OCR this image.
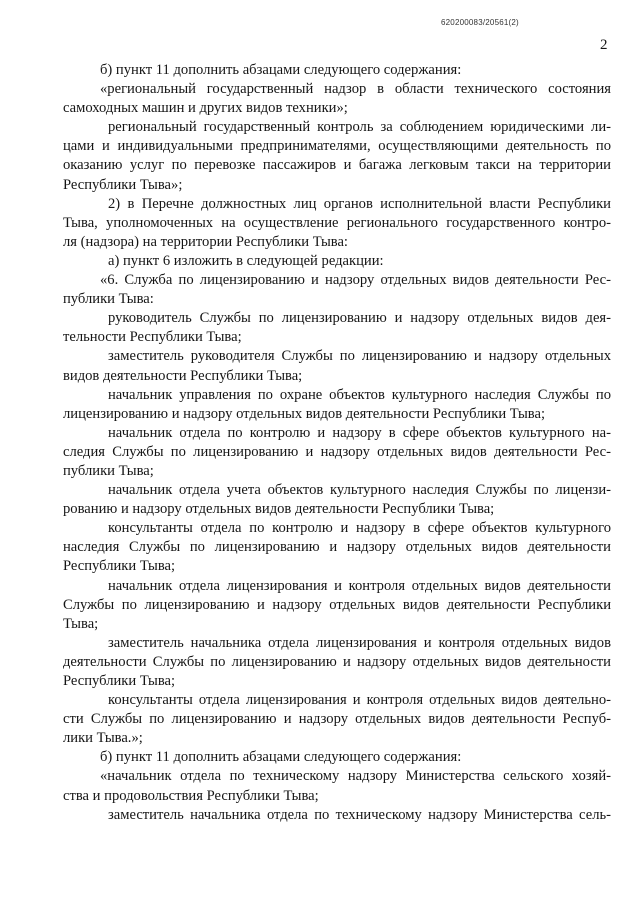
620200083/20561(2)
2
б) пункт 11 дополнить абзацами следующего содержания:
«региональный государственный надзор в области технического состояния
самоходных машин и других видов техники»;
региональный государственный контроль за соблюдением юридическими ли-
цами и индивидуальными предпринимателями, осуществляющими деятельность по
оказанию услуг по перевозке пассажиров и багажа легковым такси на территории
Республики Тыва»;
2) в Перечне должностных лиц органов исполнительной власти Республики
Тыва, уполномоченных на осуществление регионального государственного контро-
ля (надзора) на территории Республики Тыва:
а) пункт 6 изложить в следующей редакции:
«6. Служба по лицензированию и надзору отдельных видов деятельности Рес-
публики Тыва:
руководитель Службы по лицензированию и надзору отдельных видов дея-
тельности Республики Тыва;
заместитель руководителя Службы по лицензированию и надзору отдельных
видов деятельности Республики Тыва;
начальник управления по охране объектов культурного наследия Службы по
лицензированию и надзору отдельных видов деятельности Республики Тыва;
начальник отдела по контролю и надзору в сфере объектов культурного на-
следия Службы по лицензированию и надзору отдельных видов деятельности Рес-
публики Тыва;
начальник отдела учета объектов культурного наследия Службы по лицензи-
рованию и надзору отдельных видов деятельности Республики Тыва;
консультанты отдела по контролю и надзору в сфере объектов культурного
наследия Службы по лицензированию и надзору отдельных видов деятельности
Республики Тыва;
начальник отдела лицензирования и контроля отдельных видов деятельности
Службы по лицензированию и надзору отдельных видов деятельности Республики
Тыва;
заместитель начальника отдела лицензирования и контроля отдельных видов
деятельности Службы по лицензированию и надзору отдельных видов деятельности
Республики Тыва;
консультанты отдела лицензирования и контроля отдельных видов деятельно-
сти Службы по лицензированию и надзору отдельных видов деятельности Респуб-
лики Тыва.»;
б) пункт 11 дополнить абзацами следующего содержания:
«начальник отдела по техническому надзору Министерства сельского хозяй-
ства и продовольствия Республики Тыва;
заместитель начальника отдела по техническому надзору Министерства сель-
